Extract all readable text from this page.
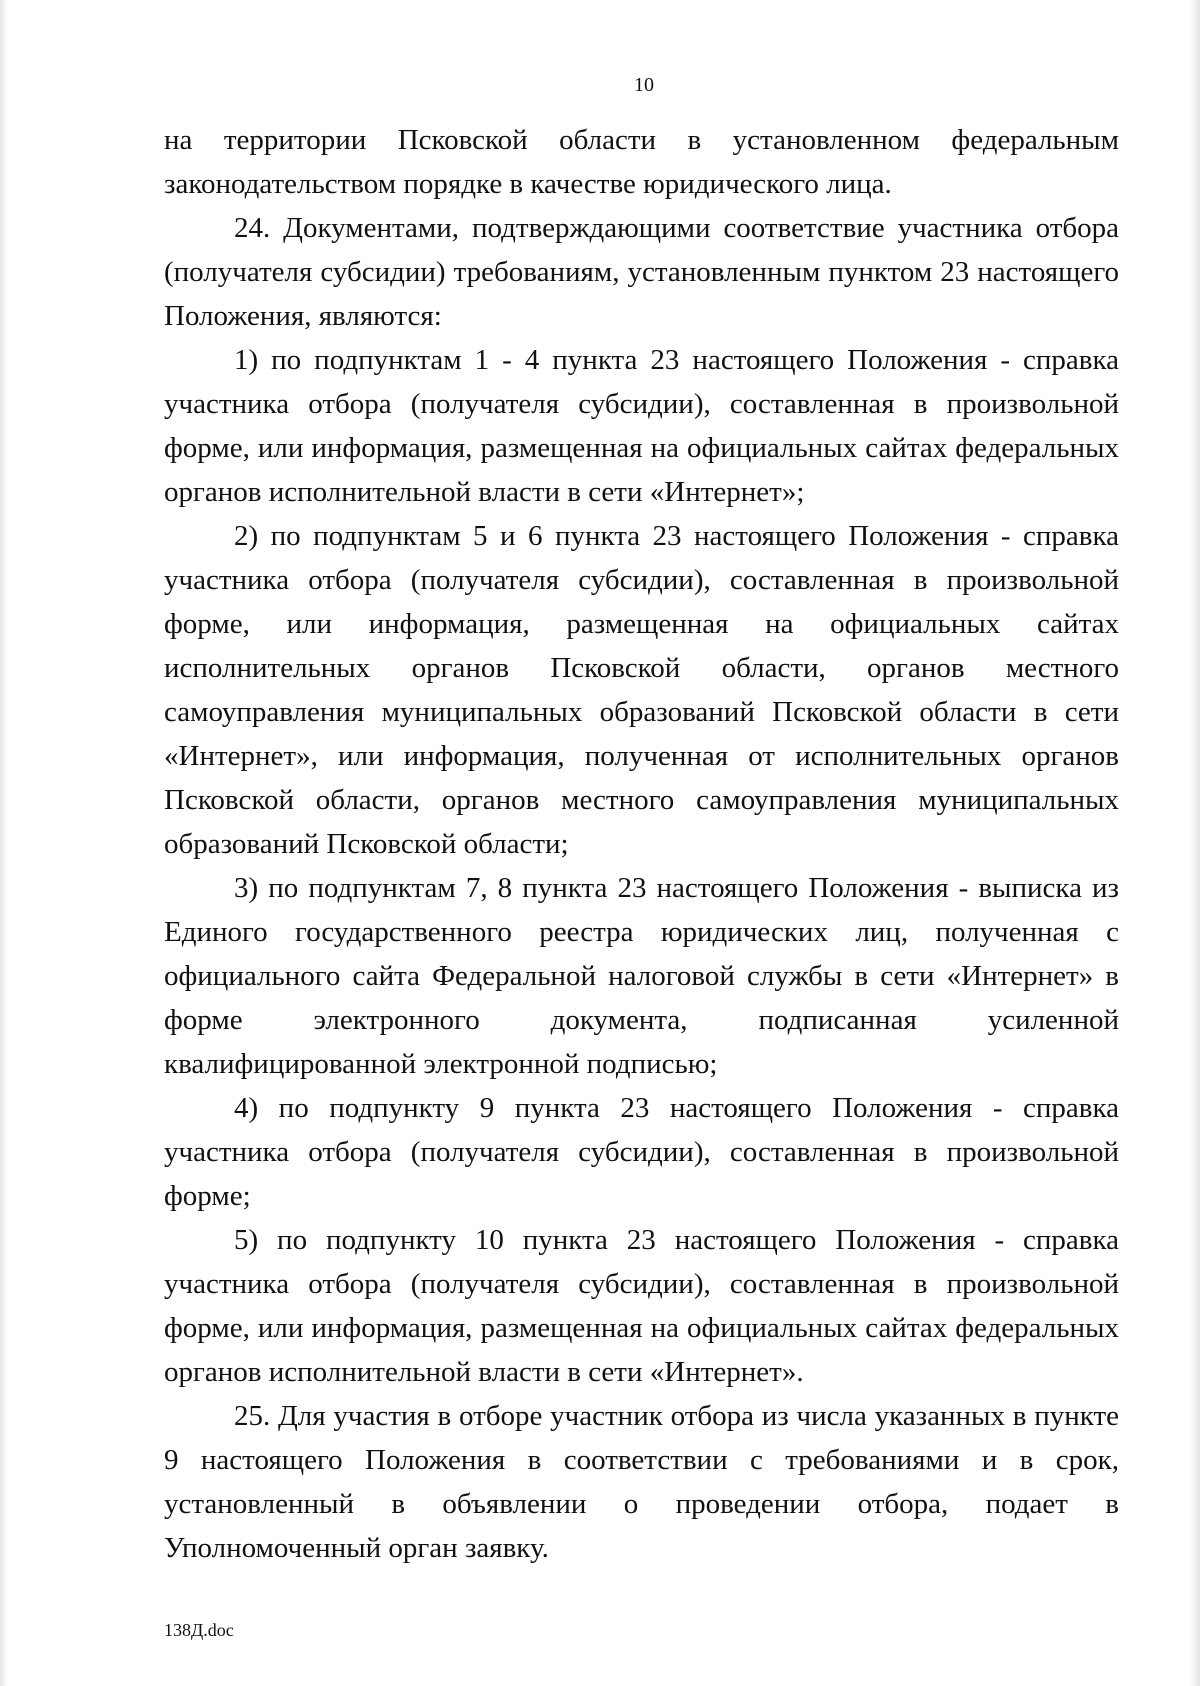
10

на территории Псковской области в установленном федеральным законодательством порядке в качестве юридического лица.

24. Документами, подтверждающими соответствие участника отбора (получателя субсидии) требованиям, установленным пунктом 23 настоящего Положения, являются:

1) по подпунктам 1 - 4 пункта 23 настоящего Положения - справка участника отбора (получателя субсидии), составленная в произвольной форме, или информация, размещенная на официальных сайтах федеральных органов исполнительной власти в сети «Интернет»;

2) по подпунктам 5 и 6 пункта 23 настоящего Положения - справка участника отбора (получателя субсидии), составленная в произвольной форме, или информация, размещенная на официальных сайтах исполнительных органов Псковской области, органов местного самоуправления муниципальных образований Псковской области в сети «Интернет», или информация, полученная от исполнительных органов Псковской области, органов местного самоуправления муниципальных образований Псковской области;

3) по подпунктам 7, 8 пункта 23 настоящего Положения - выписка из Единого государственного реестра юридических лиц, полученная с официального сайта Федеральной налоговой службы в сети «Интернет» в форме электронного документа, подписанная усиленной квалифицированной электронной подписью;

4) по подпункту 9 пункта 23 настоящего Положения - справка участника отбора (получателя субсидии), составленная в произвольной форме;

5) по подпункту 10 пункта 23 настоящего Положения - справка участника отбора (получателя субсидии), составленная в произвольной форме, или информация, размещенная на официальных сайтах федеральных органов исполнительной власти в сети «Интернет».

25. Для участия в отборе участник отбора из числа указанных в пункте 9 настоящего Положения в соответствии с требованиями и в срок, установленный в объявлении о проведении отбора, подает в Уполномоченный орган заявку.

138Д.doc
